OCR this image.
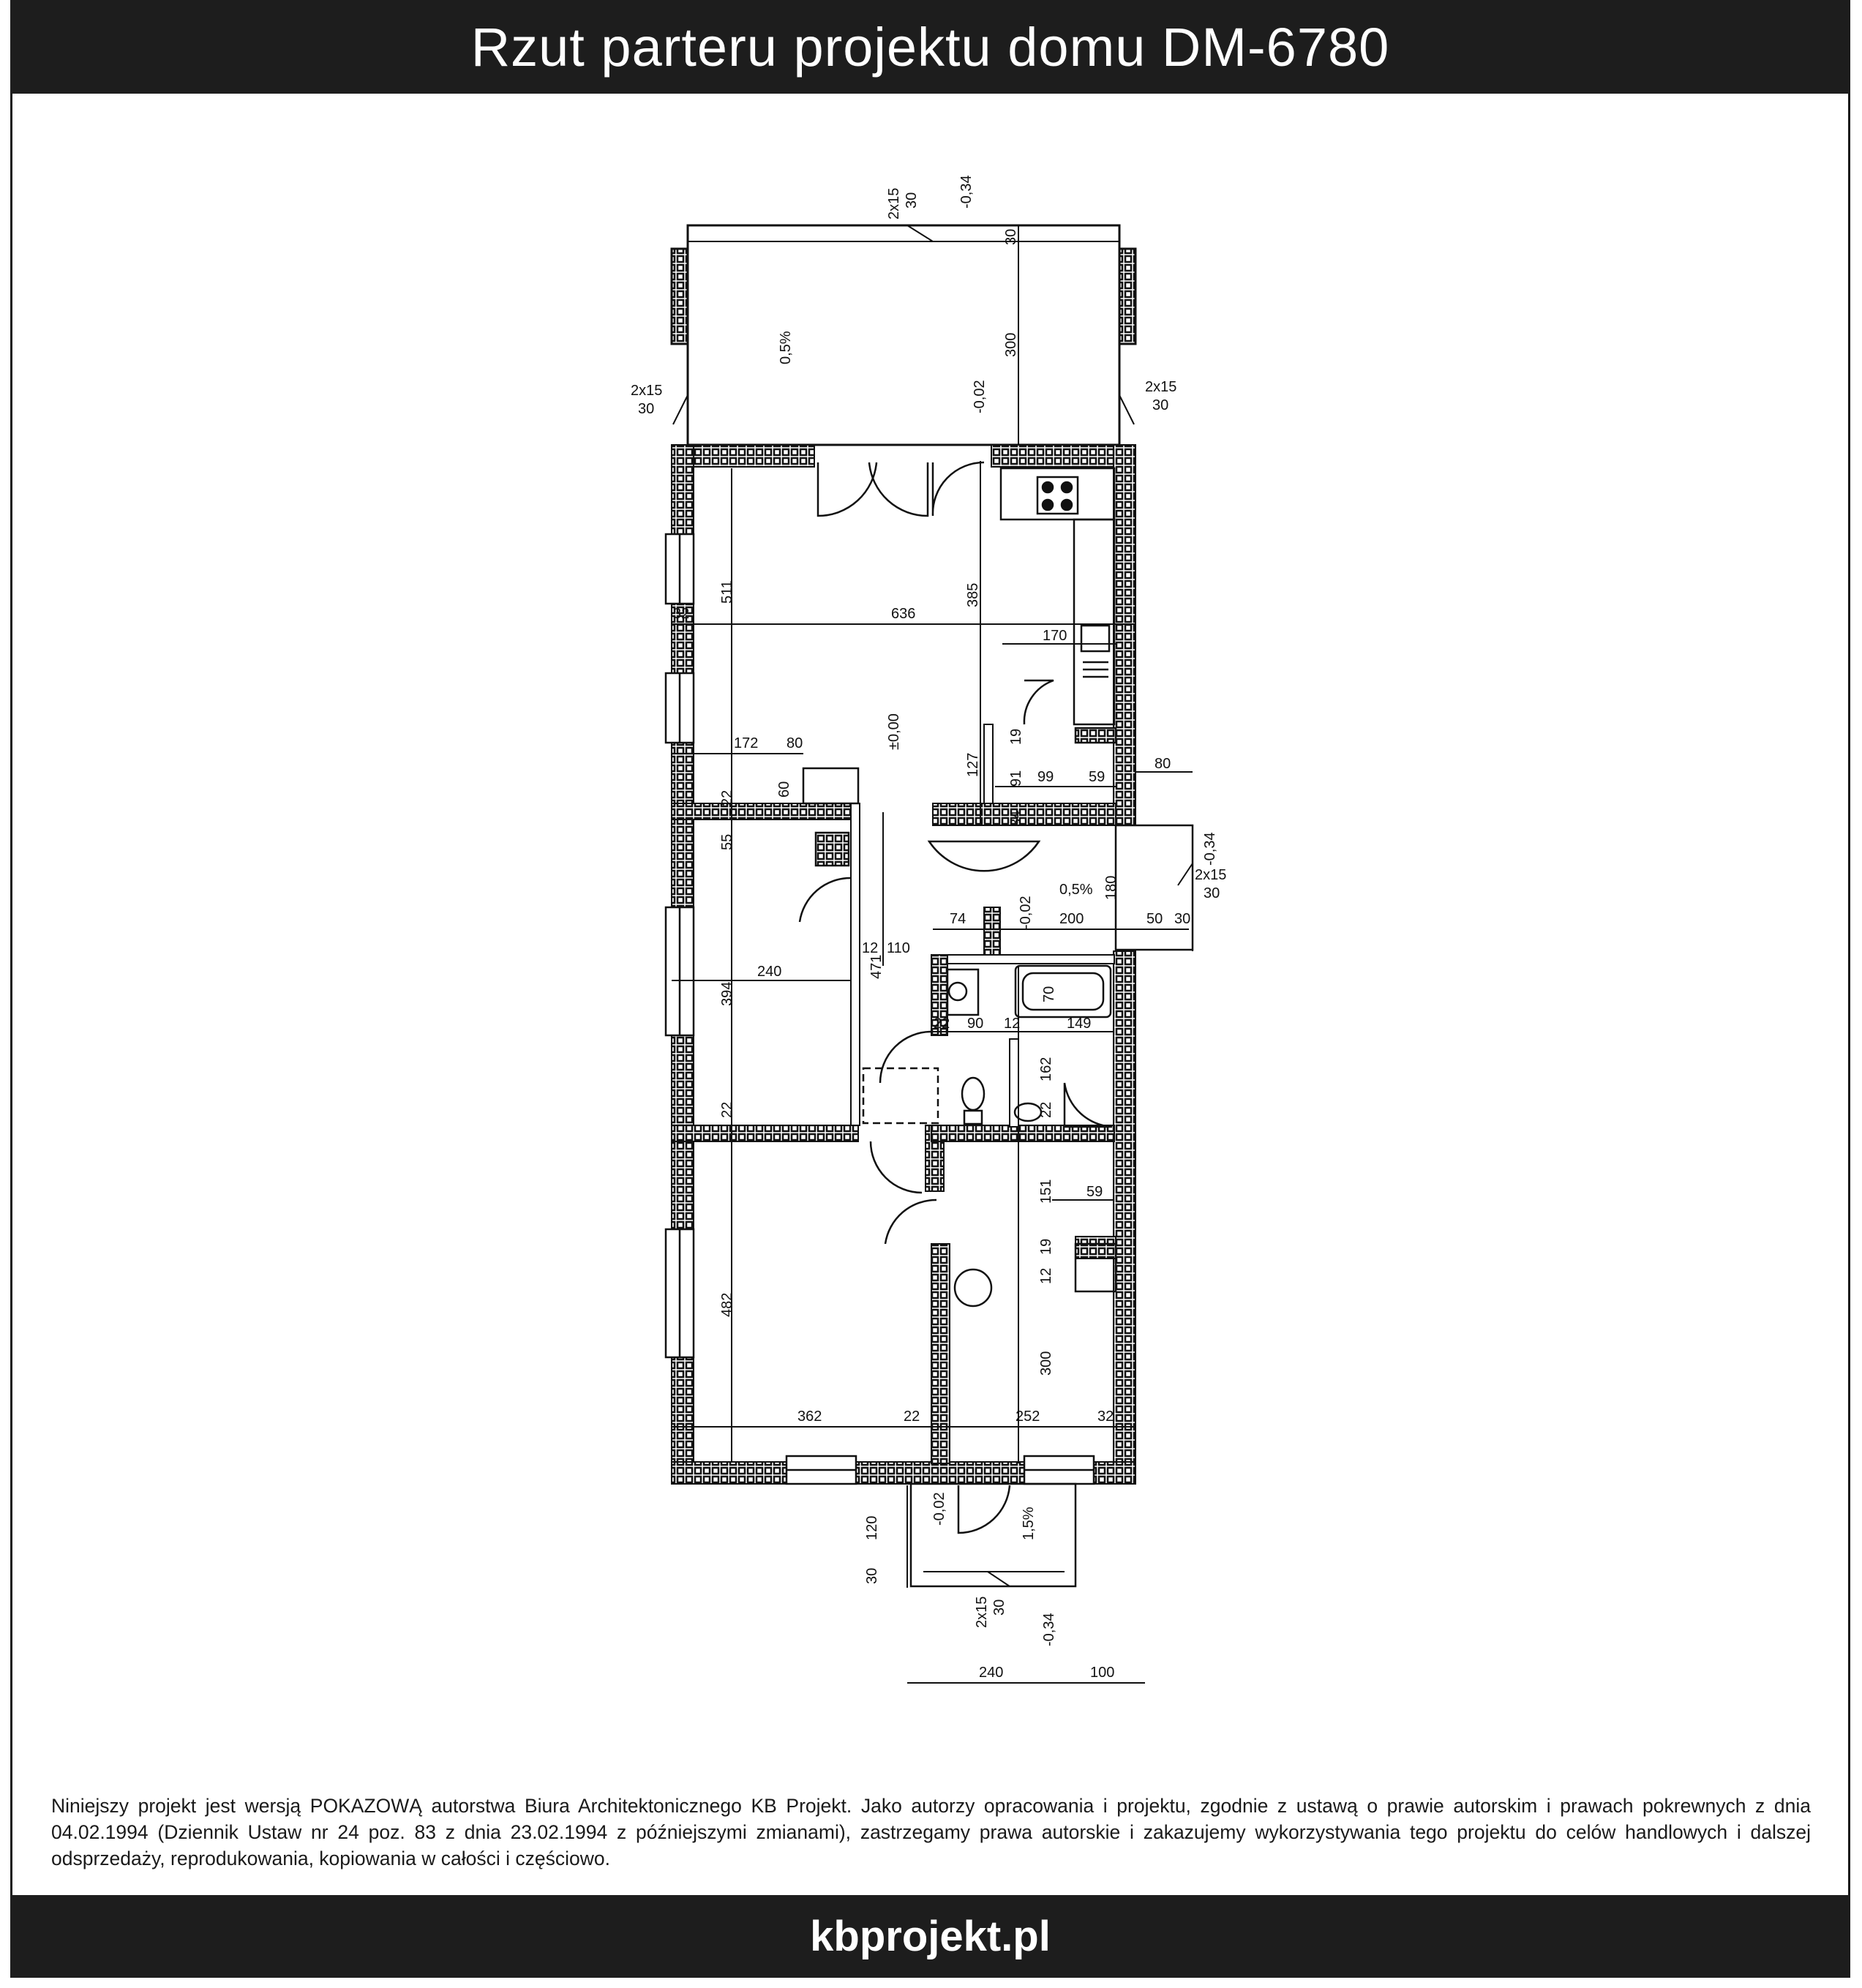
Rzut parteru projektu domu DM-6780
511
636
385
32
170
172 80
80
22
60
55
127
19
91 99 59
34
180
74	200	50 30
12 110
471
240
394	70
22 90 12	149
162
22
22
151 59
19
12
482
300
362	22	252	32
300
30
120
30
240	100
-0,02
±0,00
-0,34
-0,34
-0,34
-0,02
-0,02
0,5%
0,5%
1,5%
2x15 30
2x15
30
2x15
30
2x15
30
2x15 30
Niniejszy projekt jest wersją POKAZOWĄ autorstwa Biura Architektonicznego KB Projekt. Jako autorzy opracowania i projektu, zgodnie z ustawą o prawie autorskim i prawach pokrewnych z dnia 04.02.1994 (Dziennik Ustaw nr 24 poz. 83 z dnia 23.02.1994 z późniejszymi zmianami), zastrzegamy prawa autorskie i zakazujemy wykorzystywania tego projektu do celów handlowych i dalszej odsprzedaży, reprodukowania, kopiowania w całości i częściowo.
kbprojekt.pl
